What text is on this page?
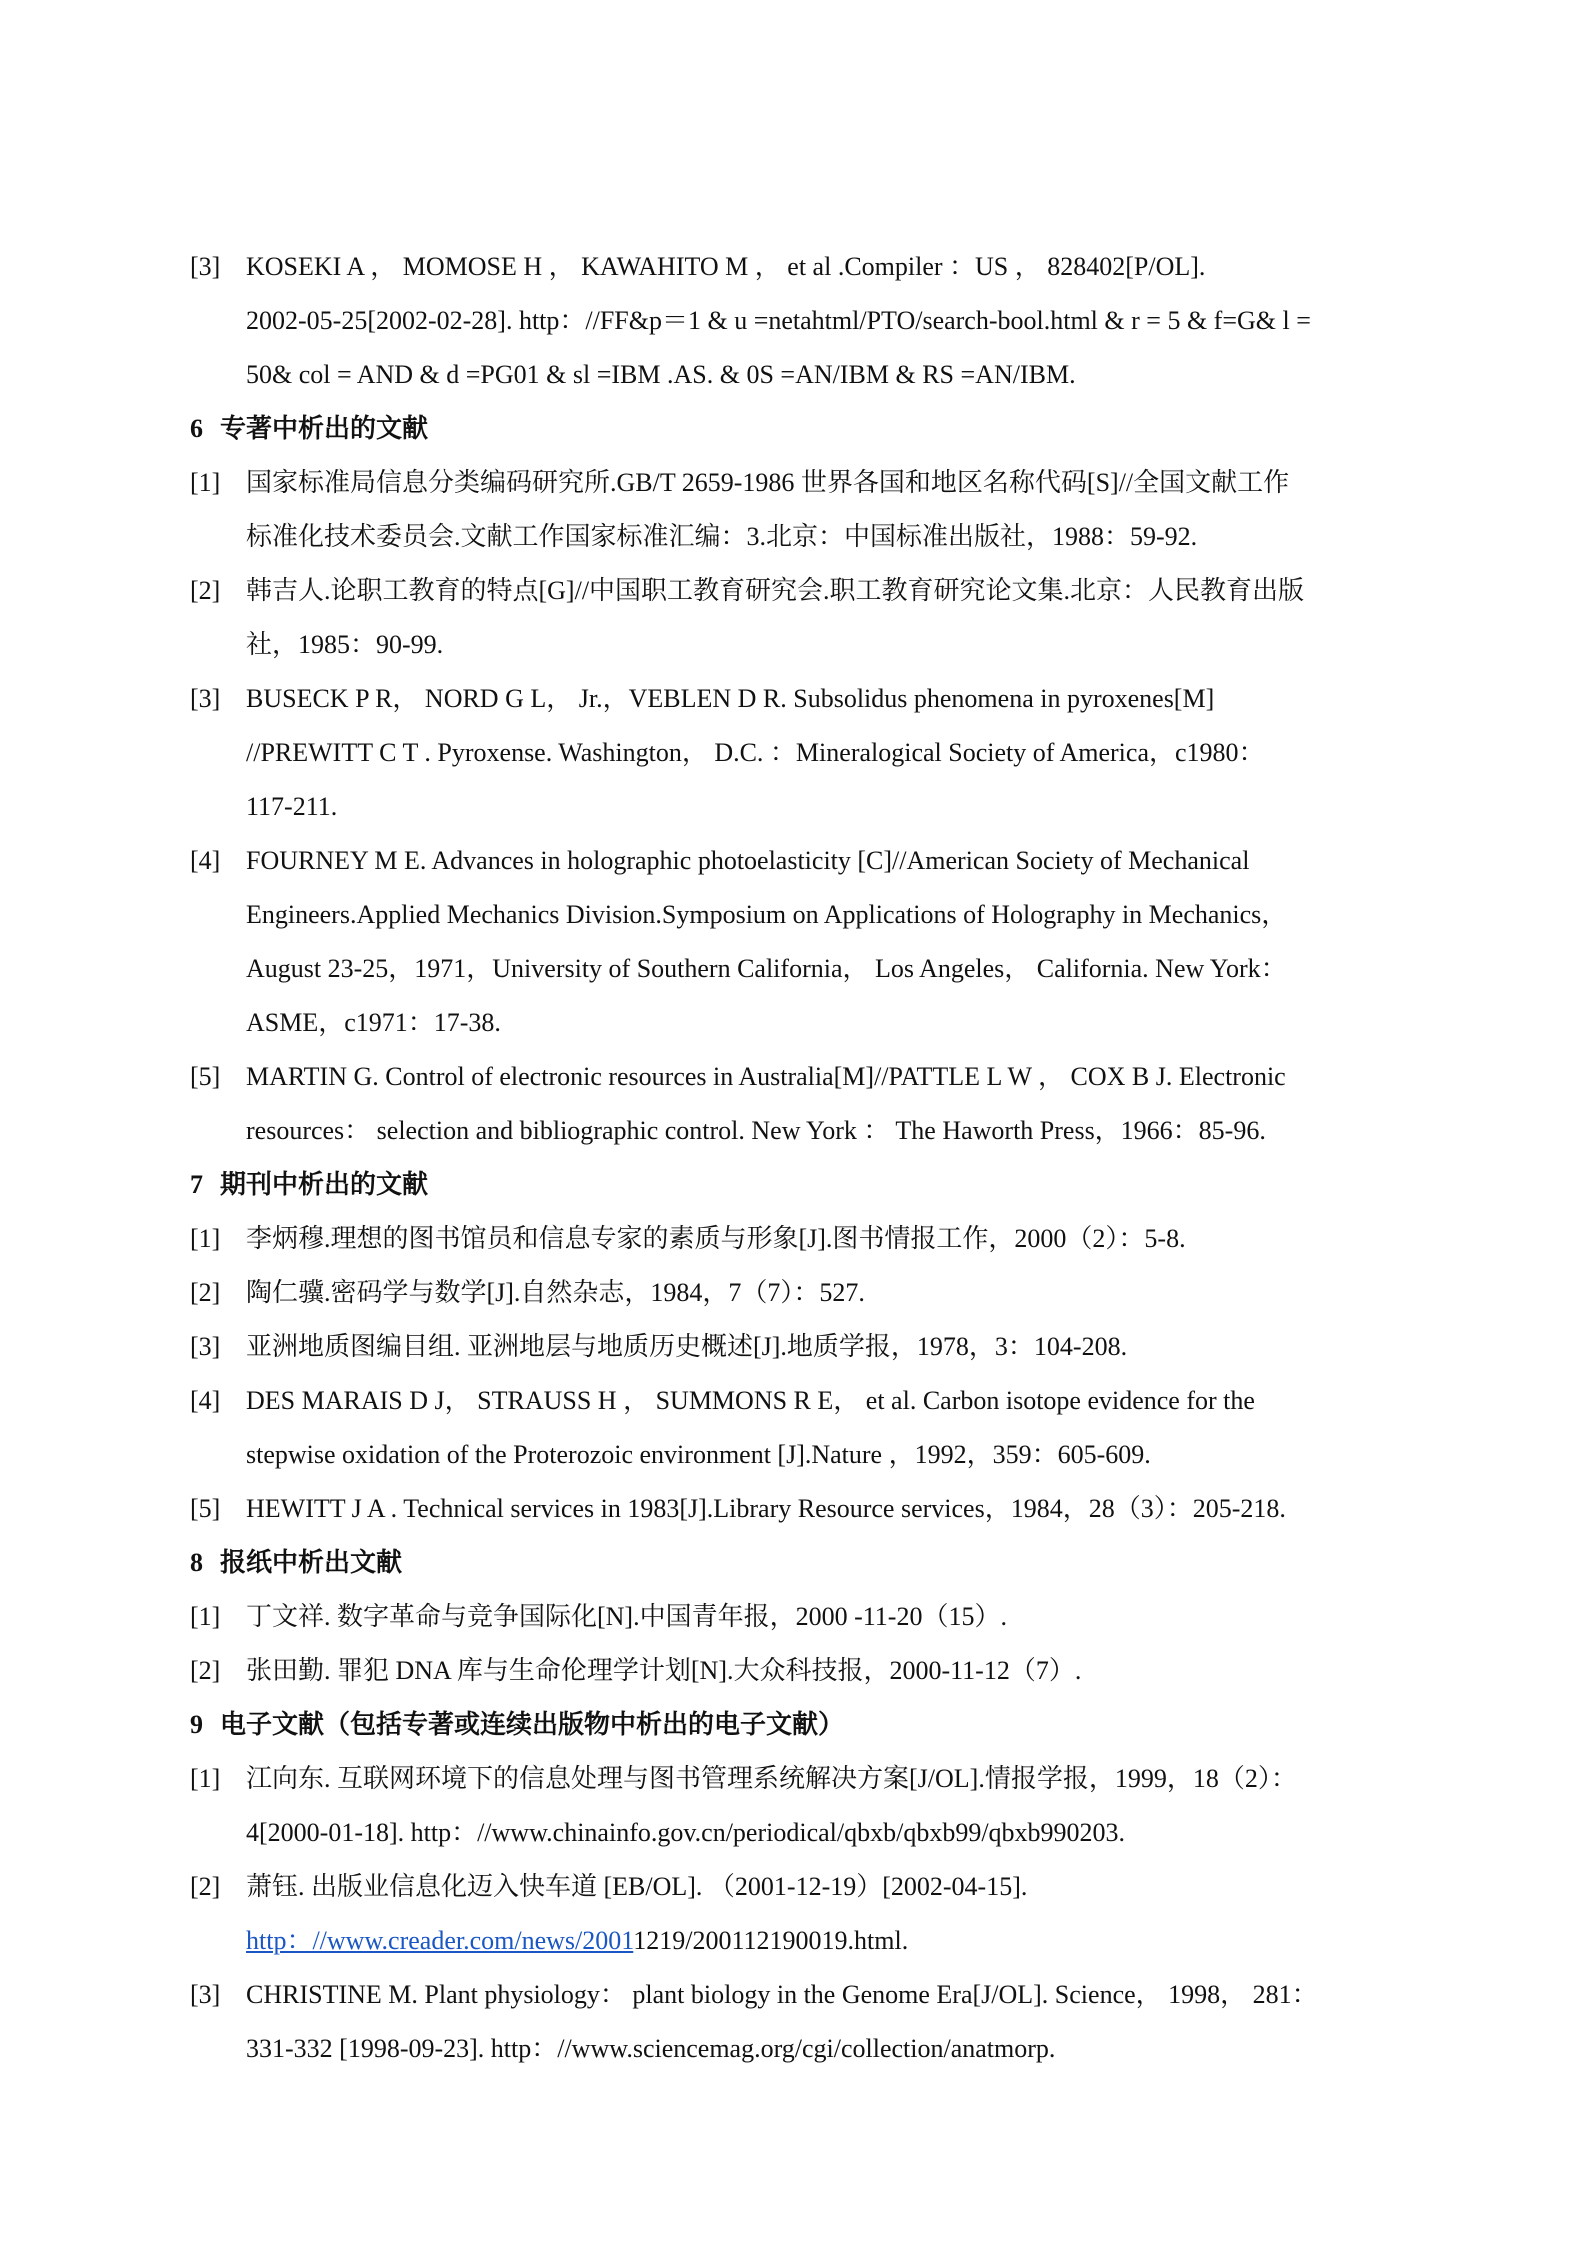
[3] KOSEKI A ， MOMOSE H ， KAWAHITO M ， et al .Compiler ：US ， 828402[P/OL].
2002-05-25[2002-02-28]. http：//FF&p＝1 & u =netahtml/PTO/search-bool.html & r = 5 & f=G& l =
50& col = AND & d =PG01 & sl =IBM .AS. & 0S =AN/IBM & RS =AN/IBM.
6 专著中析出的文献
[1] 国家标准局信息分类编码研究所.GB/T 2659-1986 世界各国和地区名称代码[S]//全国文献工作
标准化技术委员会.文献工作国家标准汇编：3.北京：中国标准出版社，1988：59-92.
[2] 韩吉人.论职工教育的特点[G]//中国职工教育研究会.职工教育研究论文集.北京：人民教育出版
社，1985：90-99.
[3] BUSECK P R， NORD G L， Jr.，VEBLEN D R. Subsolidus phenomena in pyroxenes[M]
//PREWITT C T . Pyroxense. Washington， D.C. ：Mineralogical Society of America，c1980：
117-211.
[4] FOURNEY M E. Advances in holographic photoelasticity [C]//American Society of Mechanical
Engineers.Applied Mechanics Division.Symposium on Applications of Holography in Mechanics，
August 23-25，1971，University of Southern California， Los Angeles， California. New York：
ASME，c1971：17-38.
[5] MARTIN G. Control of electronic resources in Australia[M]//PATTLE L W ， COX B J. Electronic
resources： selection and bibliographic control. New York ： The Haworth Press，1966：85-96.
7 期刊中析出的文献
[1] 李炳穆.理想的图书馆员和信息专家的素质与形象[J].图书情报工作，2000（2）：5-8.
[2] 陶仁骥.密码学与数学[J].自然杂志，1984，7（7）：527.
[3] 亚洲地质图编目组. 亚洲地层与地质历史概述[J].地质学报，1978，3：104-208.
[4] DES MARAIS D J， STRAUSS H ， SUMMONS R E， et al. Carbon isotope evidence for the
stepwise oxidation of the Proterozoic environment [J].Nature ，1992，359：605-609.
[5] HEWITT J A . Technical services in 1983[J].Library Resource services，1984，28（3）：205-218.
8 报纸中析出文献
[1] 丁文祥. 数字革命与竞争国际化[N].中国青年报，2000 -11-20（15）.
[2] 张田勤. 罪犯 DNA 库与生命伦理学计划[N].大众科技报，2000-11-12（7）.
9 电子文献（包括专著或连续出版物中析出的电子文献）
[1] 江向东. 互联网环境下的信息处理与图书管理系统解决方案[J/OL].情报学报，1999，18（2）：
4[2000-01-18]. http：//www.chinainfo.gov.cn/periodical/qbxb/qbxb99/qbxb990203.
[2] 萧钰. 出版业信息化迈入快车道 [EB/OL]. （2001-12-19）[2002-04-15].
http：//www.creader.com/news/20011219/200112190019.html.
[3] CHRISTINE M. Plant physiology： plant biology in the Genome Era[J/OL]. Science， 1998， 281：
331-332 [1998-09-23]. http：//www.sciencemag.org/cgi/collection/anatmorp.
